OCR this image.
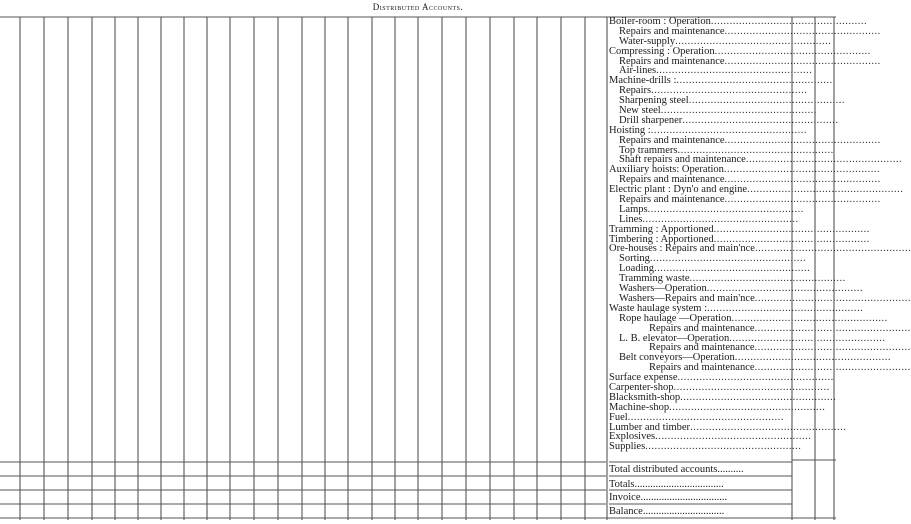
Distributed Accounts.
Boiler-room : Operation..................................................
Repairs and maintenance..................................................
Water-supply..................................................
Compressing : Operation..................................................
Repairs and maintenance..................................................
Air-lines..................................................
Machine-drills :..................................................
Repairs..................................................
Sharpening steel..................................................
New steel..................................................
Drill sharpener..................................................
Hoisting :..................................................
Repairs and maintenance..................................................
Top trammers..................................................
Shaft repairs and maintenance..................................................
Auxiliary hoists: Operation..................................................
Repairs and maintenance..................................................
Electric plant : Dyn'o and engine..................................................
Repairs and maintenance..................................................
Lamps..................................................
Lines..................................................
Tramming : Apportioned..................................................
Timbering : Apportioned..................................................
Ore-houses : Repairs and main'nce..................................................
Sorting..................................................
Loading..................................................
Tramming waste..................................................
Washers—Operation..................................................
Washers—Repairs and main'nce..................................................
Waste haulage system :..................................................
Rope haulage —Operation..................................................
Repairs and maintenance..................................................
L. B. elevator—Operation..................................................
Repairs and maintenance..................................................
Belt conveyors—Operation..................................................
Repairs and maintenance..................................................
Surface expense..................................................
Carpenter-shop..................................................
Blacksmith-shop..................................................
Machine-shop..................................................
Fuel..................................................
Lumber and timber..................................................
Explosives..................................................
Supplies..................................................
Total distributed accounts..........
Totals..................................
Invoice.................................
Balance...............................
